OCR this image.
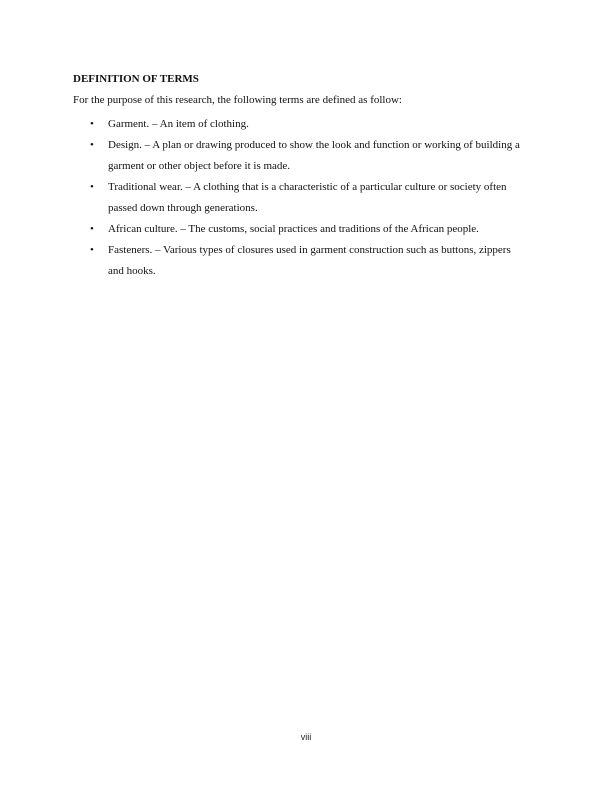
DEFINITION OF TERMS
For the purpose of this research, the following terms are defined as follow:
• Garment. – An item of clothing.
• Design. – A plan or drawing produced to show the look and function or working of building a garment or other object before it is made.
• Traditional wear. – A clothing that is a characteristic of a particular culture or society often passed down through generations.
• African culture. – The customs, social practices and traditions of the African people.
• Fasteners. – Various types of closures used in garment construction such as buttons, zippers and hooks.
viii
